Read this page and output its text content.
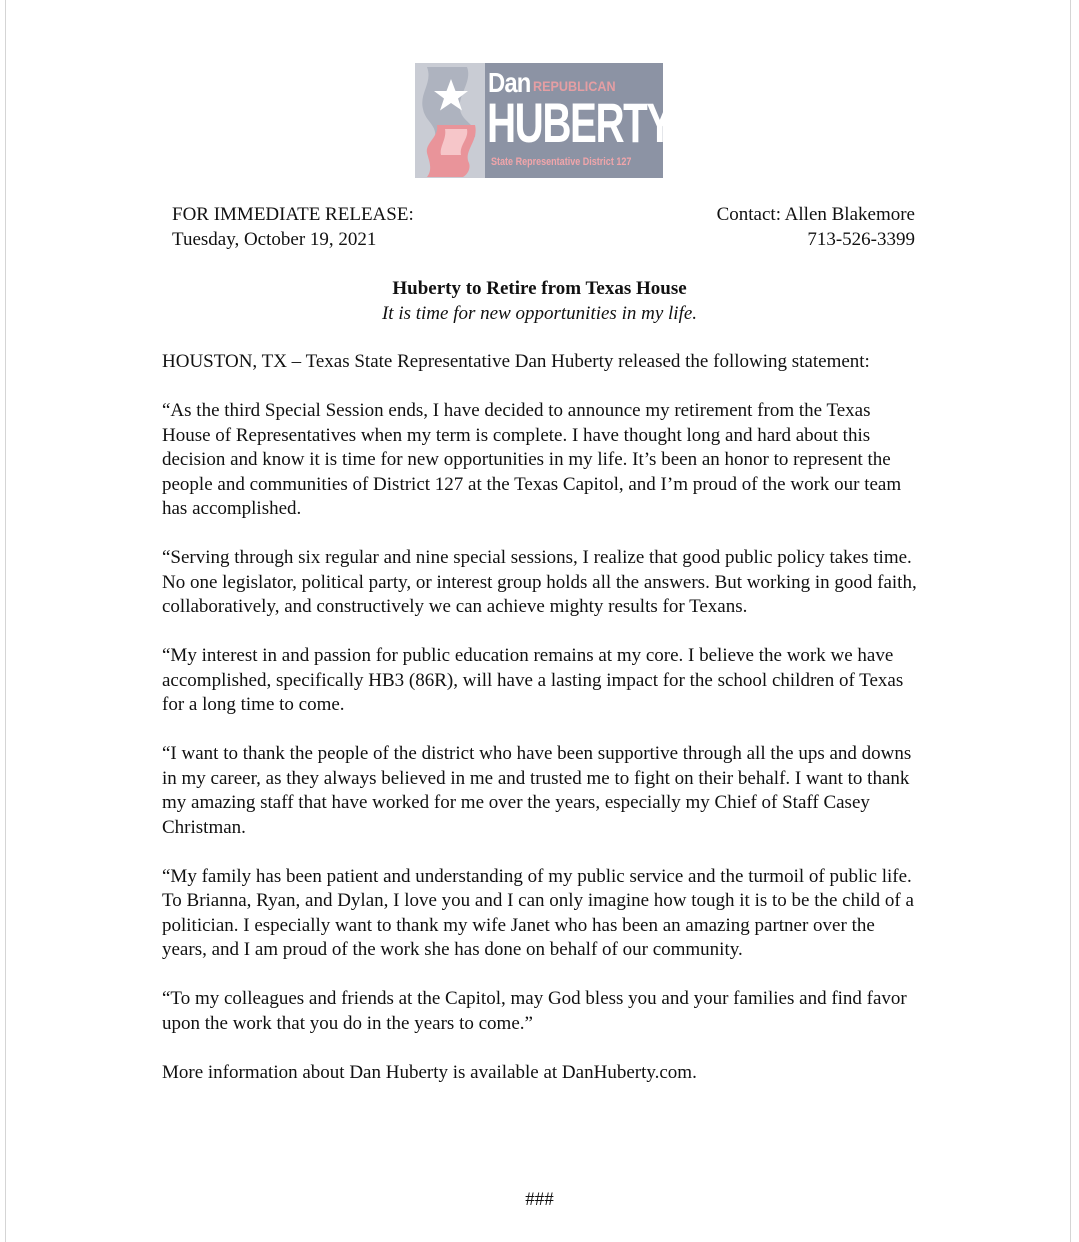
Dan REPUBLICAN
HUBERTY
State Representative District 127
FOR IMMEDIATE RELEASE:
Tuesday, October 19, 2021
Contact: Allen Blakemore
713-526-3399
Huberty to Retire from Texas House
It is time for new opportunities in my life.

HOUSTON, TX – Texas State Representative Dan Huberty released the following statement:

“As the third Special Session ends, I have decided to announce my retirement from the Texas House of Representatives when my term is complete. I have thought long and hard about this decision and know it is time for new opportunities in my life. It’s been an honor to represent the people and communities of District 127 at the Texas Capitol, and I’m proud of the work our team has accomplished.

“Serving through six regular and nine special sessions, I realize that good public policy takes time. No one legislator, political party, or interest group holds all the answers. But working in good faith, collaboratively, and constructively we can achieve mighty results for Texans.

“My interest in and passion for public education remains at my core. I believe the work we have accomplished, specifically HB3 (86R), will have a lasting impact for the school children of Texas for a long time to come.

“I want to thank the people of the district who have been supportive through all the ups and downs in my career, as they always believed in me and trusted me to fight on their behalf. I want to thank my amazing staff that have worked for me over the years, especially my Chief of Staff Casey Christman.

“My family has been patient and understanding of my public service and the turmoil of public life. To Brianna, Ryan, and Dylan, I love you and I can only imagine how tough it is to be the child of a politician. I especially want to thank my wife Janet who has been an amazing partner over the years, and I am proud of the work she has done on behalf of our community.

“To my colleagues and friends at the Capitol, may God bless you and your families and find favor upon the work that you do in the years to come.”

More information about Dan Huberty is available at DanHuberty.com.

###
